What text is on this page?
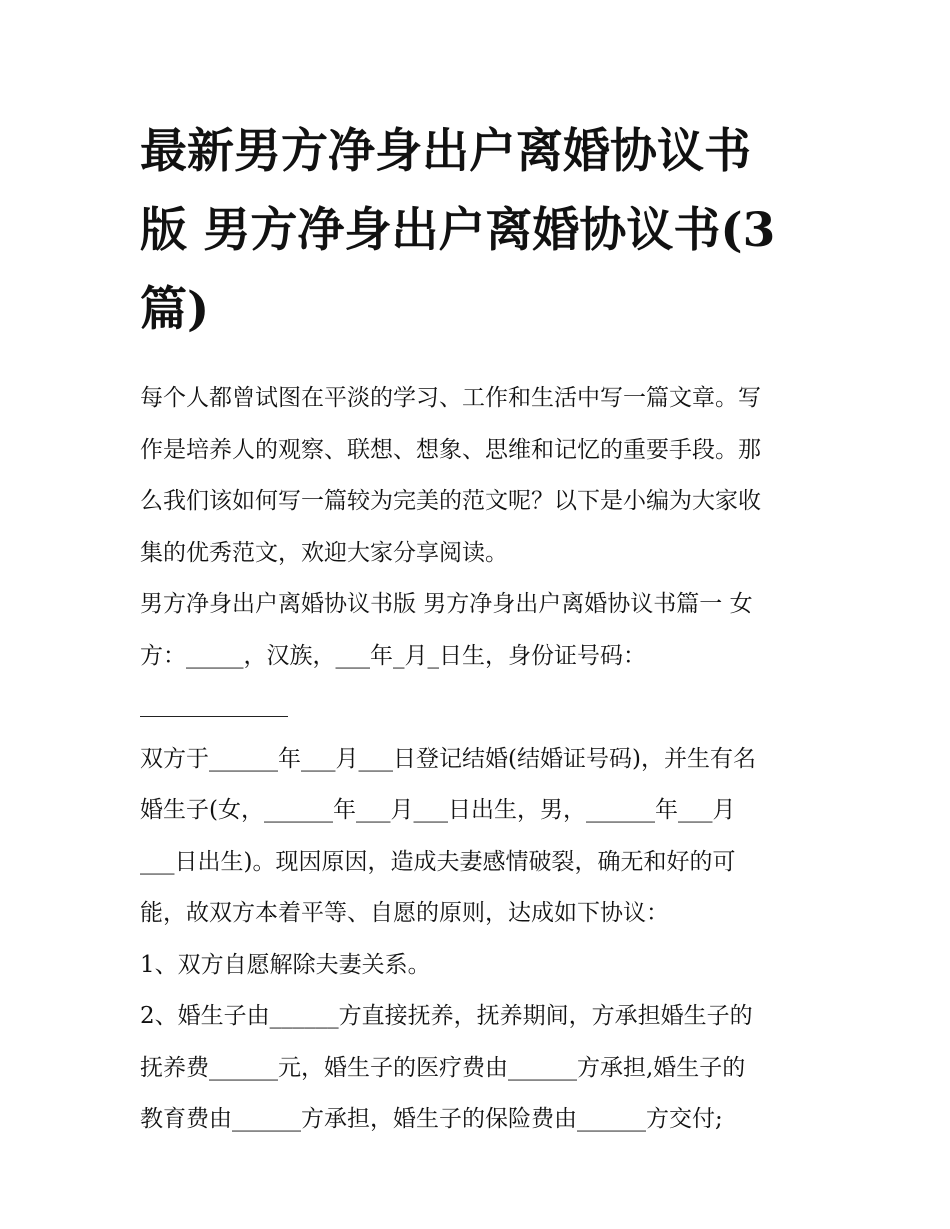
最新男方净身出户离婚协议书
版 男方净身出户离婚协议书(3
篇)
每个人都曾试图在平淡的学习、工作和生活中写一篇文章。写
作是培养人的观察、联想、想象、思维和记忆的重要手段。那
么我们该如何写一篇较为完美的范文呢？以下是小编为大家收
集的优秀范文，欢迎大家分享阅读。
男方净身出户离婚协议书版 男方净身出户离婚协议书篇一 女
方：_____，汉族，___年_月_日生，身份证号码：
双方于______年___月___日登记结婚(结婚证号码)，并生有名
婚生子(女，______年___月___日出生，男，______年___月
___日出生)。现因原因，造成夫妻感情破裂，确无和好的可
能，故双方本着平等、自愿的原则，达成如下协议：
1、双方自愿解除夫妻关系。
2、婚生子由______方直接抚养，抚养期间，方承担婚生子的
抚养费______元，婚生子的医疗费由______方承担,婚生子的
教育费由______方承担，婚生子的保险费由______方交付;
